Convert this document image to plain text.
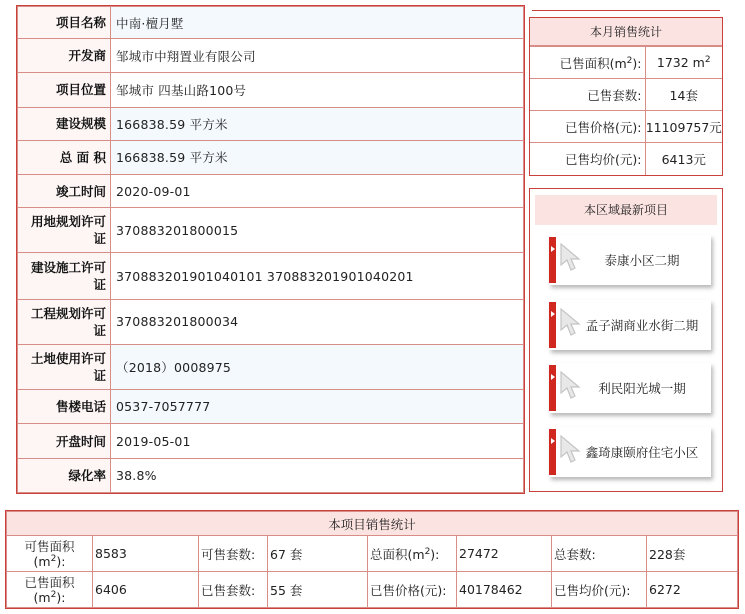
项目名称	中南·檀月墅
开发商	邹城市中翔置业有限公司
项目位置	邹城市 四基山路100号
建设规模	166838.59 平方米
总 面 积	166838.59 平方米
竣工时间	2020-09-01
用地规划许可证	370883201800015
建设施工许可证	370883201901040101 370883201901040201
工程规划许可证	370883201800034
土地使用许可证	（2018）0008975
售楼电话	0537-7057777
开盘时间	2019-05-01
绿化率	38.8%
本月销售统计
已售面积$(m^2)$:	1732 $m^2$
已售套数:	14套
已售价格(元):	11109757元
已售均价(元):	6413元
本区域最新项目
泰康小区二期
孟子湖商业水街二期
利民阳光城一期
鑫琦康颐府住宅小区
本项目销售统计							
可售面积
$(m^2)$:	8583	可售套数:	67 套	总面积$(m^2)$:	27472	总套数:	228套
已售面积
$(m^2)$:	6406	已售套数:	55 套	已售价格(元):	40178462	已售均价(元):	6272
